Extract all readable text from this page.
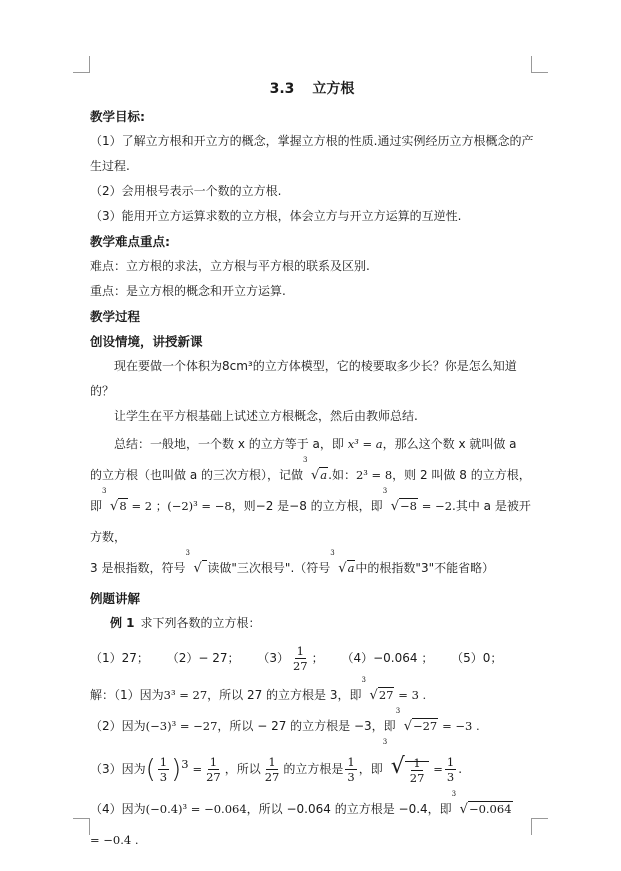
3.3 立方根

教学目标:

（1）了解立方根和开立方的概念，掌握立方根的性质.通过实例经历立方根概念的产生过程.

（2）会用根号表示一个数的立方根.

（3）能用开立方运算求数的立方根，体会立方与开立方运算的互逆性.

教学难点重点:

难点：立方根的求法，立方根与平方根的联系及区别.

重点：是立方根的概念和开立方运算.

教学过程

创设情境，讲授新课

现在要做一个体积为8cm³的立方体模型，它的棱要取多少长？你是怎么知道的？

让学生在平方根基础上试述立方根概念，然后由教师总结.

总结：一般地，一个数 x 的立方等于 a，即 x³ = a，那么这个数 x 就叫做 a

的立方根（也叫做 a 的三次方根），记做
3
√a.如：2³ = 8，则 2 叫做 8 的立方根，

即
3
√8 = 2 ；(−2)³ = −8，则−2 是−8 的立方根，即
3
√−8 = −2.其中 a 是被开方数，

3 是根指数，符号
3
√ 读做"三次根号".（符号
3
√a中的根指数"3"不能省略）

例题讲解

例 1 求下列各数的立方根：

（1）27； （2）− 27； $(3) \frac{1}{27}$ ； （4）−0.064 ； （5）0；

解：（1）因为3³ = 27，所以 27 的立方根是 3，即
3
√27 = 3 .

（2）因为(−3)³ = −27，所以 − 27 的立方根是 −3，即
3
√−27 = −3 .

（3）因为( $\frac{1}{3} )^3 = \frac{1}{27}$ ，所以 $\frac{1}{27}$ 的立方根是 $\frac{1}{3}$ ，即
3
√ $\frac{1}{27} = \frac{1}{3}$ .

（4）因为(−0.4)³ = −0.064，所以 −0.064 的立方根是 −0.4，即
3
√−0.064 = −0.4 .
